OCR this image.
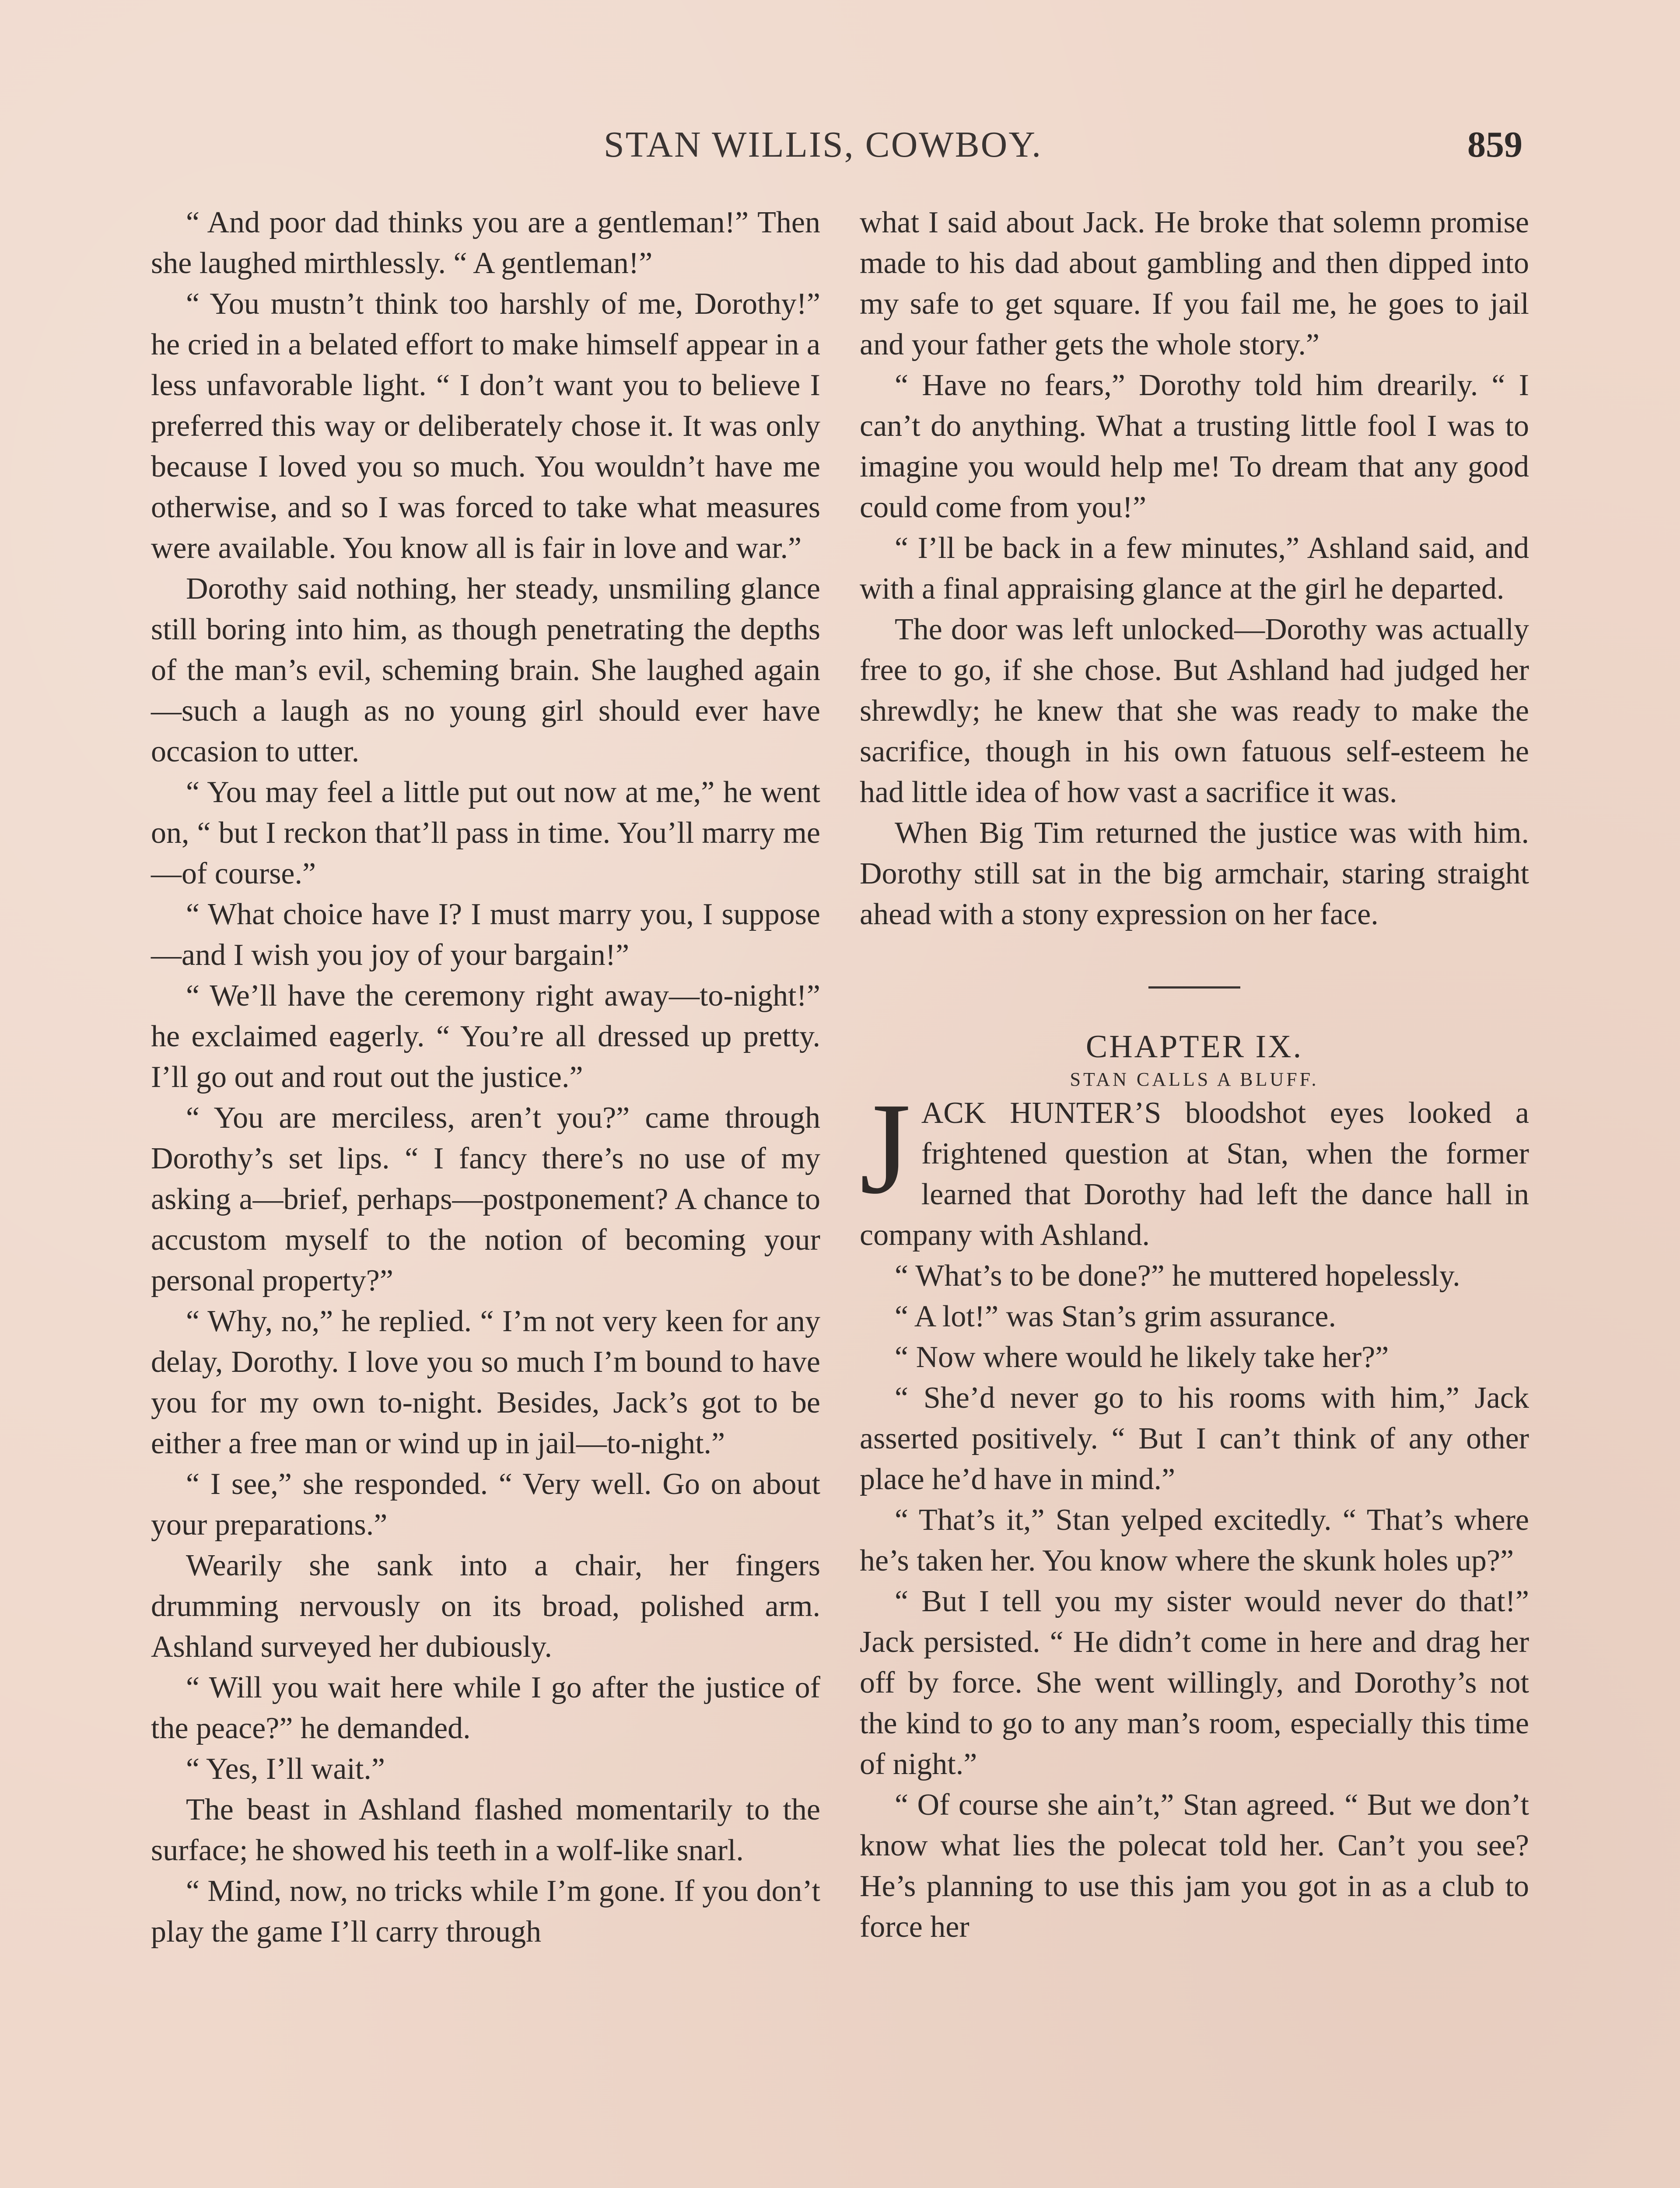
STAN WILLIS, COWBOY.	859

“ And poor dad thinks you are a gentleman!” Then she laughed mirthlessly. “ A gentleman!”

“ You mustn’t think too harshly of me, Dorothy!” he cried in a belated effort to make himself appear in a less unfavorable light. “ I don’t want you to believe I preferred this way or deliberately chose it. It was only because I loved you so much. You wouldn’t have me otherwise, and so I was forced to take what measures were available. You know all is fair in love and war.”

Dorothy said nothing, her steady, unsmiling glance still boring into him, as though penetrating the depths of the man’s evil, scheming brain. She laughed again—such a laugh as no young girl should ever have occasion to utter.

“ You may feel a little put out now at me,” he went on, “ but I reckon that’ll pass in time. You’ll marry me—of course.”

“ What choice have I? I must marry you, I suppose—and I wish you joy of your bargain!”

“ We’ll have the ceremony right away—to-night!” he exclaimed eagerly. “ You’re all dressed up pretty. I’ll go out and rout out the justice.”

“ You are merciless, aren’t you?” came through Dorothy’s set lips. “ I fancy there’s no use of my asking a—brief, perhaps—postponement? A chance to accustom myself to the notion of becoming your personal property?”

“ Why, no,” he replied. “ I’m not very keen for any delay, Dorothy. I love you so much I’m bound to have you for my own to-night. Besides, Jack’s got to be either a free man or wind up in jail—to-night.”

“ I see,” she responded. “ Very well. Go on about your preparations.”

Wearily she sank into a chair, her fingers drumming nervously on its broad, polished arm. Ashland surveyed her dubiously.

“ Will you wait here while I go after the justice of the peace?” he demanded.

“ Yes, I’ll wait.”

The beast in Ashland flashed momentarily to the surface; he showed his teeth in a wolf-like snarl.

“ Mind, now, no tricks while I’m gone. If you don’t play the game I’ll carry through

what I said about Jack. He broke that solemn promise made to his dad about gambling and then dipped into my safe to get square. If you fail me, he goes to jail and your father gets the whole story.”

“ Have no fears,” Dorothy told him drearily. “ I can’t do anything. What a trusting little fool I was to imagine you would help me! To dream that any good could come from you!”

“ I’ll be back in a few minutes,” Ashland said, and with a final appraising glance at the girl he departed.

The door was left unlocked—Dorothy was actually free to go, if she chose. But Ashland had judged her shrewdly; he knew that she was ready to make the sacrifice, though in his own fatuous self-esteem he had little idea of how vast a sacrifice it was.

When Big Tim returned the justice was with him. Dorothy still sat in the big armchair, staring straight ahead with a stony expression on her face.

CHAPTER IX.

STAN CALLS A BLUFF.

JACK HUNTER’S bloodshot eyes looked a frightened question at Stan, when the former learned that Dorothy had left the dance hall in company with Ashland.

“ What’s to be done?” he muttered hopelessly.

“ A lot!” was Stan’s grim assurance.

“ Now where would he likely take her?”

“ She’d never go to his rooms with him,” Jack asserted positively. “ But I can’t think of any other place he’d have in mind.”

“ That’s it,” Stan yelped excitedly. “ That’s where he’s taken her. You know where the skunk holes up?”

“ But I tell you my sister would never do that!” Jack persisted. “ He didn’t come in here and drag her off by force. She went willingly, and Dorothy’s not the kind to go to any man’s room, especially this time of night.”

“ Of course she ain’t,” Stan agreed. “ But we don’t know what lies the polecat told her. Can’t you see? He’s planning to use this jam you got in as a club to force her
